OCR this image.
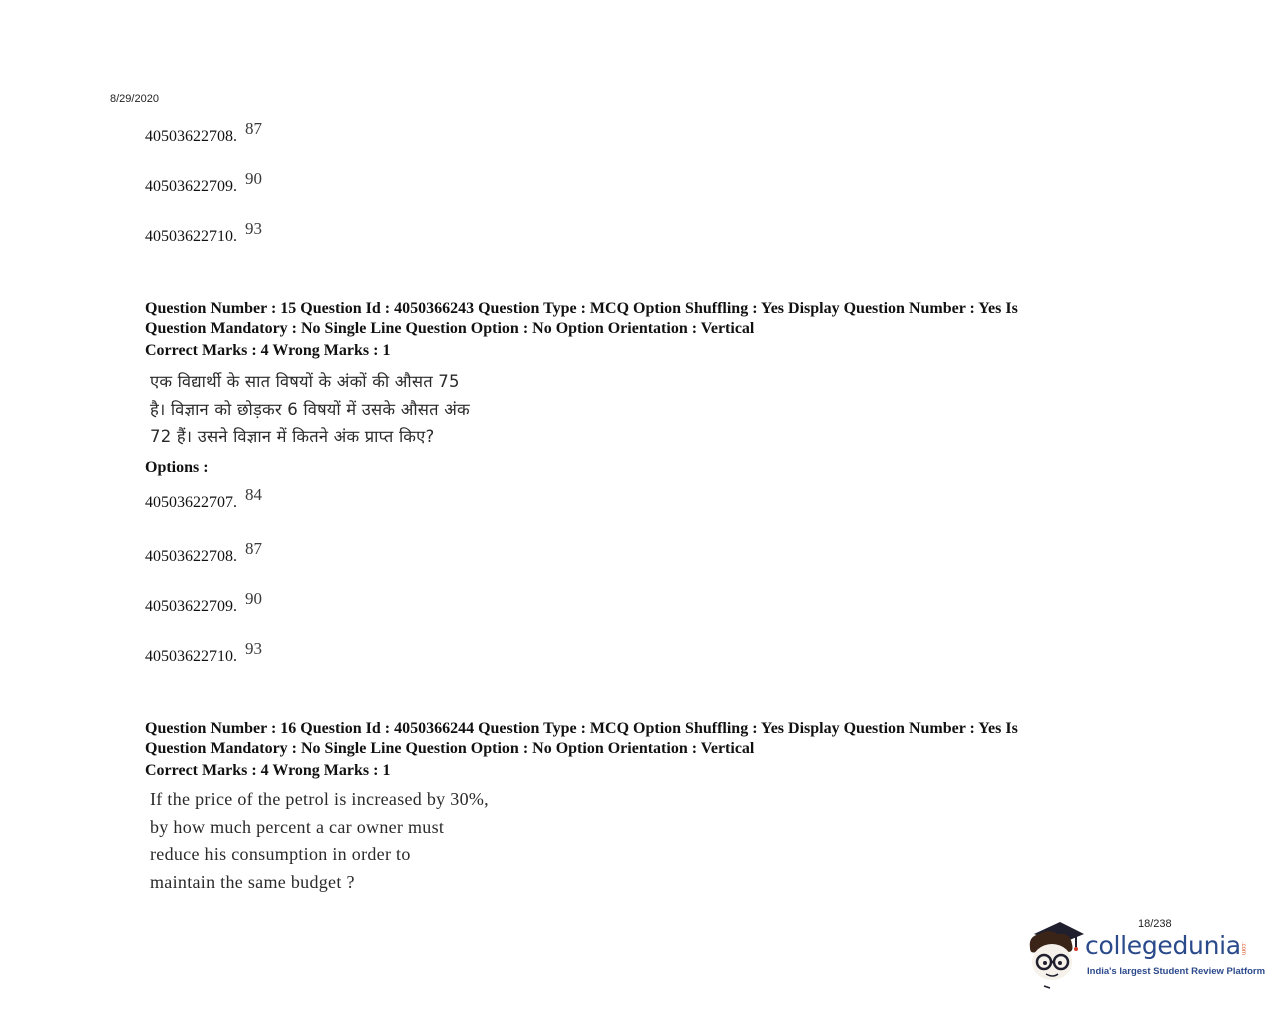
8/29/2020
40503622708. 87
40503622709. 90
40503622710. 93
Question Number : 15 Question Id : 4050366243 Question Type : MCQ Option Shuffling : Yes Display Question Number : Yes Is
Question Mandatory : No Single Line Question Option : No Option Orientation : Vertical
Correct Marks : 4 Wrong Marks : 1
एक विद्यार्थी के सात विषयों के अंकों की औसत 75
है। विज्ञान को छोड़कर 6 विषयों में उसके औसत अंक
72 हैं। उसने विज्ञान में कितने अंक प्राप्त किए?
Options :
40503622707. 84
40503622708. 87
40503622709. 90
40503622710. 93
Question Number : 16 Question Id : 4050366244 Question Type : MCQ Option Shuffling : Yes Display Question Number : Yes Is
Question Mandatory : No Single Line Question Option : No Option Orientation : Vertical
Correct Marks : 4 Wrong Marks : 1
If the price of the petrol is increased by 30%,
by how much percent a car owner must
reduce his consumption in order to
maintain the same budget ?
18/238
collegedunia .com
India's largest Student Review Platform
